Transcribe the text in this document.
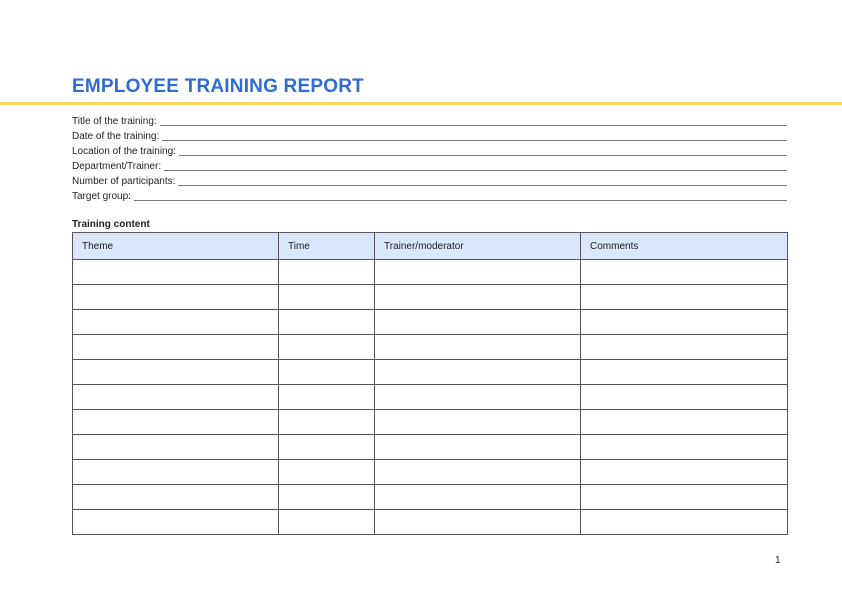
EMPLOYEE TRAINING REPORT
Title of the training:
Date of the training:
Location of the training:
Department/Trainer:
Number of participants:
Target group:
Training content
Theme	Time	Trainer/moderator	Comments

1
